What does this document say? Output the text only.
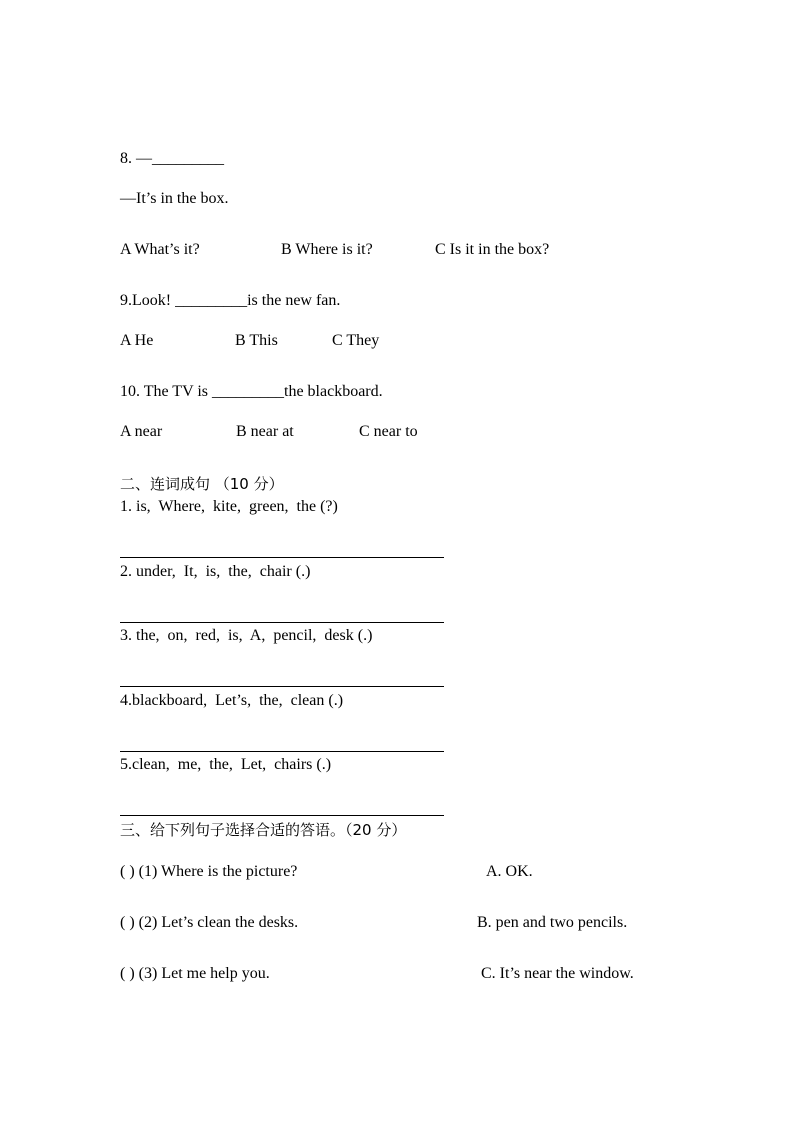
8. —_________
—It’s in the box.
A What’s it?	B Where is it?	C Is it in the box?
9.Look! _________is the new fan.
A He	B This	C They
10. The TV is _________the blackboard.
A near	B near at	C near to
二、连词成句 （10 分）
1. is,  Where,  kite,  green,  the (?)
2. under,  It,  is,  the,  chair (.)
3. the,  on,  red,  is,  A,  pencil,  desk (.)
4.blackboard,  Let’s,  the,  clean (.)
5.clean,  me,  the,  Let,  chairs (.)
三、给下列句子选择合适的答语。（20 分）
( ) (1) Where is the picture?	A. OK.
( ) (2) Let’s clean the desks.	B. pen and two pencils.
( ) (3) Let me help you.	C. It’s near the window.
